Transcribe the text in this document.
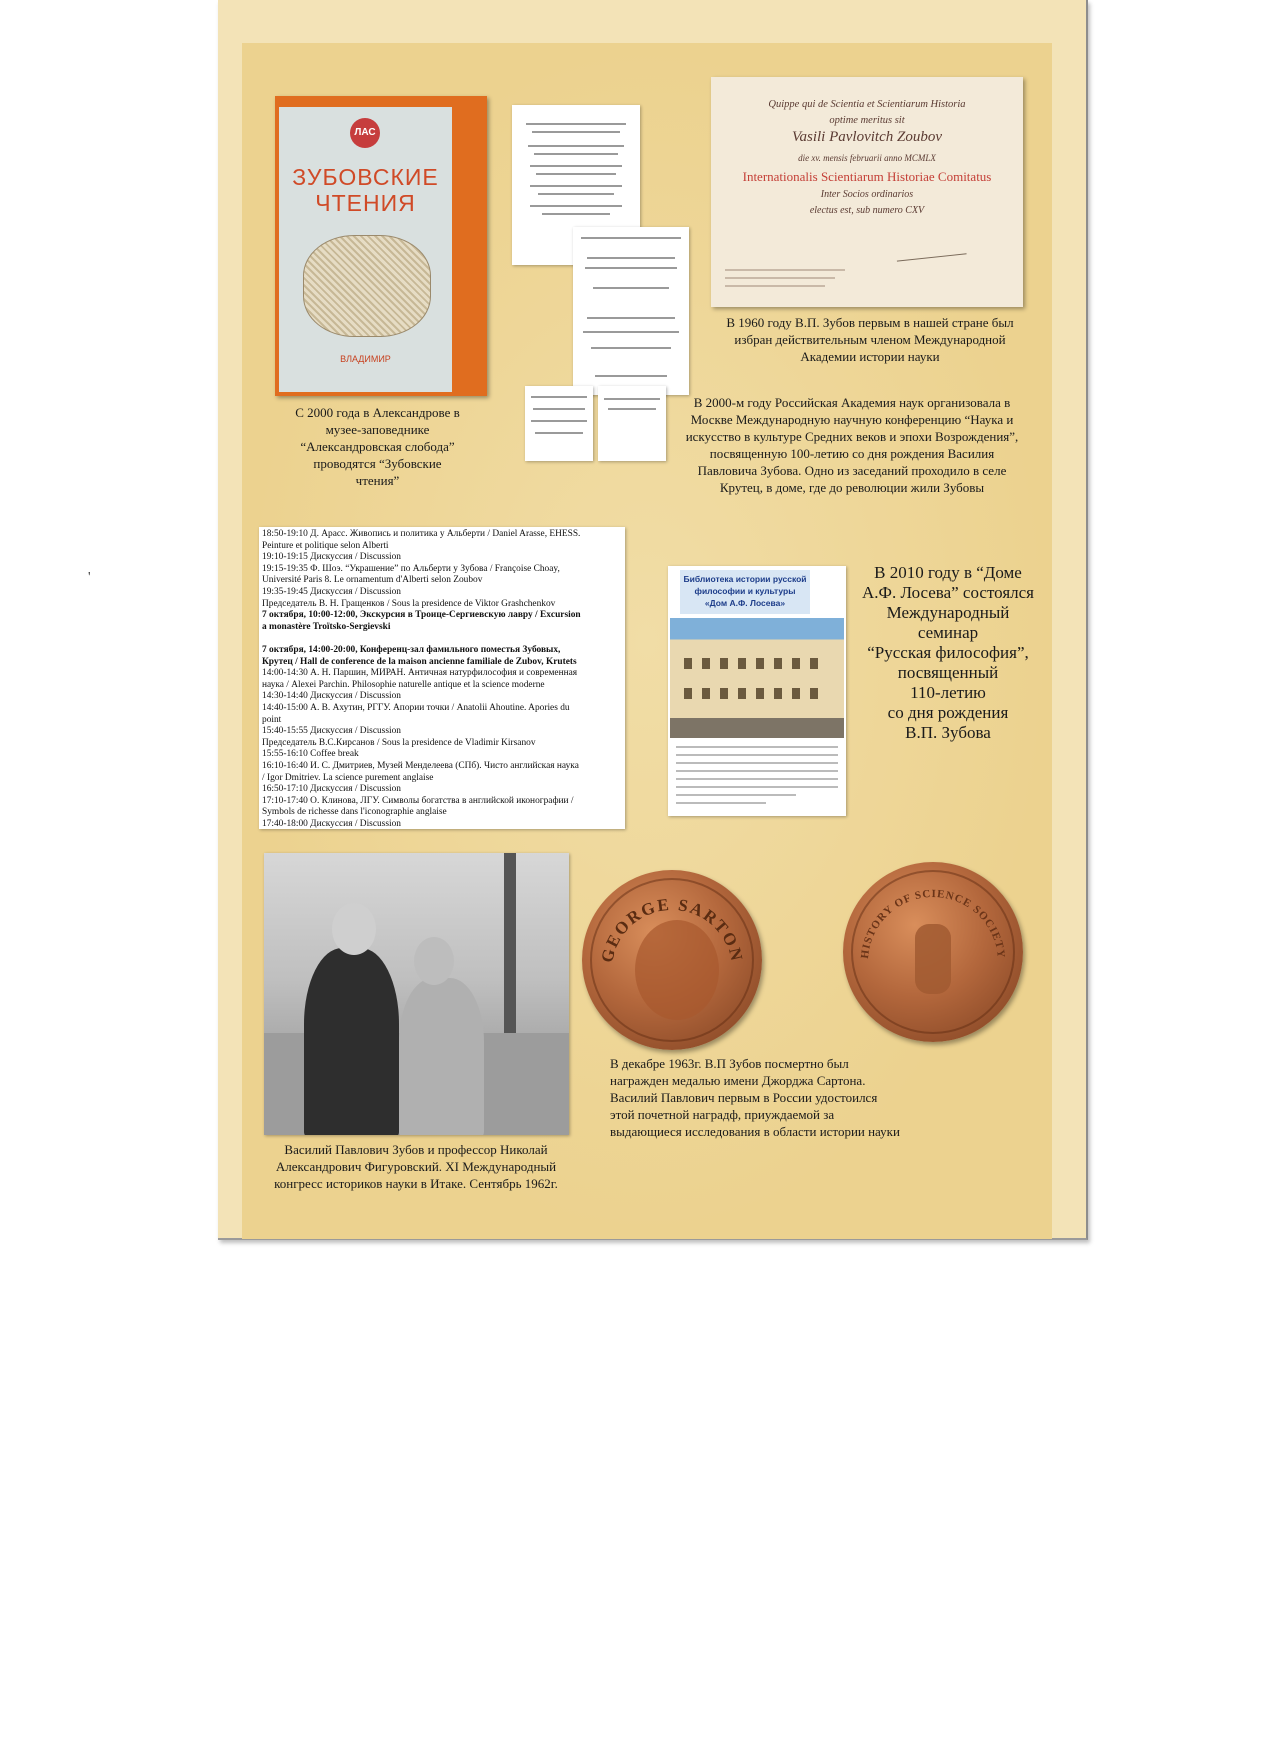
ЛАС
ЗУБОВСКИЕ
ЧТЕНИЯ
ВЛАДИМИР
С 2000 года в Александрове в
музее-заповеднике
“Александровская слобода”
проводятся “Зубовские
чтения”
Quippe qui de Scientia et Scientiarum Historia
optime meritus sit
Vasili Pavlovitch Zoubov
die xv. mensis februarii anno MCMLX
Internationalis Scientiarum Historiae Comitatus
Inter Socios ordinarios
electus est, sub numero CXV
В 1960 году В.П. Зубов первым в нашей стране был
избран действительным членом Международной
Академии истории науки
В 2000-м году Российская Академия наук организовала в
Москве Международную научную конференцию “Наука и
искусство в культуре Средних веков и эпохи Возрождения”,
посвященную 100-летию со дня рождения Василия
Павловича Зубова. Одно из заседаний проходило в селе
Крутец, в доме, где до революции жили Зубовы
18:50-19:10 Д. Арасс. Живопись и политика у Альберти / Daniel Arasse, EHESS.
Peinture et politique selon Alberti
19:10-19:15 Дискуссия / Discussion
19:15-19:35 Ф. Шоэ. “Украшение” по Альберти у Зубова / Françoise Choay,
Université Paris 8. Le ornamentum d'Alberti selon Zoubov
19:35-19:45 Дискуссия / Discussion
Председатель В. Н. Гращенков / Sous la presidence de Viktor Grashchenkov
7 октября, 10:00-12:00, Экскурсия в Троице-Сергиевскую лавру / Excursion
a monastère Troïtsko-Sergievski
7 октября, 14:00-20:00, Конференц-зал фамильного поместья Зубовых,
Крутец / Hall de conference de la maison ancienne familiale de Zubov, Krutets
14:00-14:30 А. Н. Паршин, МИРАН. Античная натурфилософия и современная
наука / Alexei Parchin. Philosophie naturelle antique et la science moderne
14:30-14:40 Дискуссия / Discussion
14:40-15:00 А. В. Ахутин, РГГУ. Апории точки / Anatolii Ahoutine. Apories du
point
15:40-15:55 Дискуссия / Discussion
Председатель В.С.Кирсанов / Sous la presidence de Vladimir Kirsanov
15:55-16:10 Coffee break
16:10-16:40 И. С. Дмитриев, Музей Менделеева (СПб). Чисто английская наука
/ Igor Dmitriev. La science purement anglaise
16:50-17:10 Дискуссия / Discussion
17:10-17:40 О. Клинова, ЛГУ. Символы богатства в английской иконографии /
Symbols de richesse dans l'iconographie anglaise
17:40-18:00 Дискуссия / Discussion
Библиотека истории русской
философии и культуры
«Дом А.Ф. Лосева»
В 2010 году в “Доме
А.Ф. Лосева” состоялся
Международный
семинар
“Русская философия”,
посвященный
110-летию
со дня рождения
В.П. Зубова
Василий Павлович Зубов и профессор Николай
Александрович Фигуровский. XI Международный
конгресс историков науки в Итаке. Сентябрь 1962г.
GEORGE SARTON	HISTORY OF SCIENCE SOCIETY
В декабре 1963г. В.П Зубов посмертно был
награжден медалью имени Джорджа Сартона.
Василий Павлович первым в России удостоился
этой почетной наградф, приуждаемой за
выдающиеся исследования в области истории науки
'
